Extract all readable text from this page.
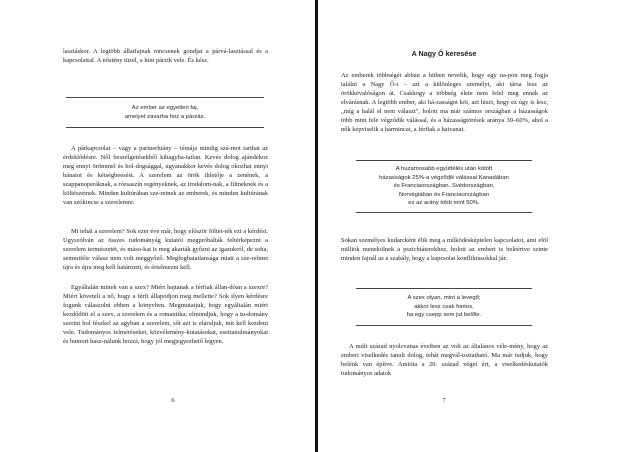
lasztáskor. A legtöbb állatfajnak nincsenek gondjai a párvá-lasztással és a kapcsolattal. A nőstény tüzel, a hím párzik vele. És kész.

Az ember az egyetlen faj,
amelyet zavarba hoz a párzás.

A párkapcsolat – vagy a partnerhiány – témája mindig szá-mot tarthat az érdeklődésre. Nől beszélgetésekből kihagyha-tatlan. Kevés dolog ajándékoz meg ennyi örömmel és bol-dogsággal, ugyanakkor kevés dolog okozhat ennyi bánatot és kétségbeesést. A szerelem az örök ihletője a zenének, a szappanoperáknak, a rózsaszín regényeknek, az irodalom-nak, a filmeknek és a költészetnek. Minden kultúrában sze-retnek az emberek, és minden kultúrának van szókincse a szerelemre.

Mi tehát a szerelem? Sok ezer éve már, hogy először föltet-ték ezt a kérdést. Úgyszólván az összes tudományág kutatói megpróbálták feltérképezni a szerelem természetét, és máso-kat is meg akarták győzni az igazukról, de soha, semmiféle válasz nem volt meggyőző. Megfoghatatlansága miatt a sze-relmet újra és újra meg kell határozni, és értelmezni kell.

Egyáltalán minek van a szex? Miért hajtanak a férfiak állan-dóan a szexre? Miért követeli a nő, hogy a férfi állapodjon meg mellette? Sok ilyen kérdésre fogunk válaszolni ebben a könyvben. Megmutatjuk, hogy egyáltalán miért kezdődött el a szex, a szerelem és a romantika; elmondjuk, hogy a tu-domány szerint hol fészkel az agyban a szerelem, sőt azt is eláruljuk, mit kell kezdeni vele. Tudományos felméréseket, közvélemény-kutatásokat, esettanulmányokat és humort hasz-nálunk hozzá, hogy jól megjegyezhető legyen.

6
A Nagy Ő keresése

Az emberek többségét abban a hitben nevelik, hogy egy na-pon meg fogja találni a Nagy Ő-t – azt a különleges személyt, aki társa lesz az örökkévalóságon át. Csakhogy a többség élete nem felel meg ennek az elvárásnak. A legtöbb ember, aki há-zasságot köt, azt hiszi, hogy ez úgy is lesz, „míg a halál el nem választ", holott ma már számos országban a házasságok több mint fele végződik válással, és a házasságtörések aránya 30–60%, ahol a nők képviselik a harmincat, a férfiak a hatvanat.

A huzamosabb együttélés után kötött
házasságok 25%-a végződik válással Kanadában
és Franciaországban. Svédországban,
Norvégiában és Franciaországban
ez az arány több mint 50%.

Sokan személyes kudarcként élik meg a működésképtelen kapcsolatot, ami elöl milliók menekülnek a pszichiáterekhez, holott az embert is beleértve szinte minden fajnál az a szabály, hogy a kapcsolat konfliktusokkal jár.

A szex olyan, mint a levegő;
akkor lesz csak fontos,
ha egy csepp sem jut belőle.

A múlt század nyolcvanas éveiben az volt az általános véle-mény, hogy az emberi viselkedés tanult dolog, tehát megvál-toztatható. Ma már tudjuk, hogy belénk van építve. Amióta a 20. század véget ért, a viselkedéskutatók tudományos adatok

7
